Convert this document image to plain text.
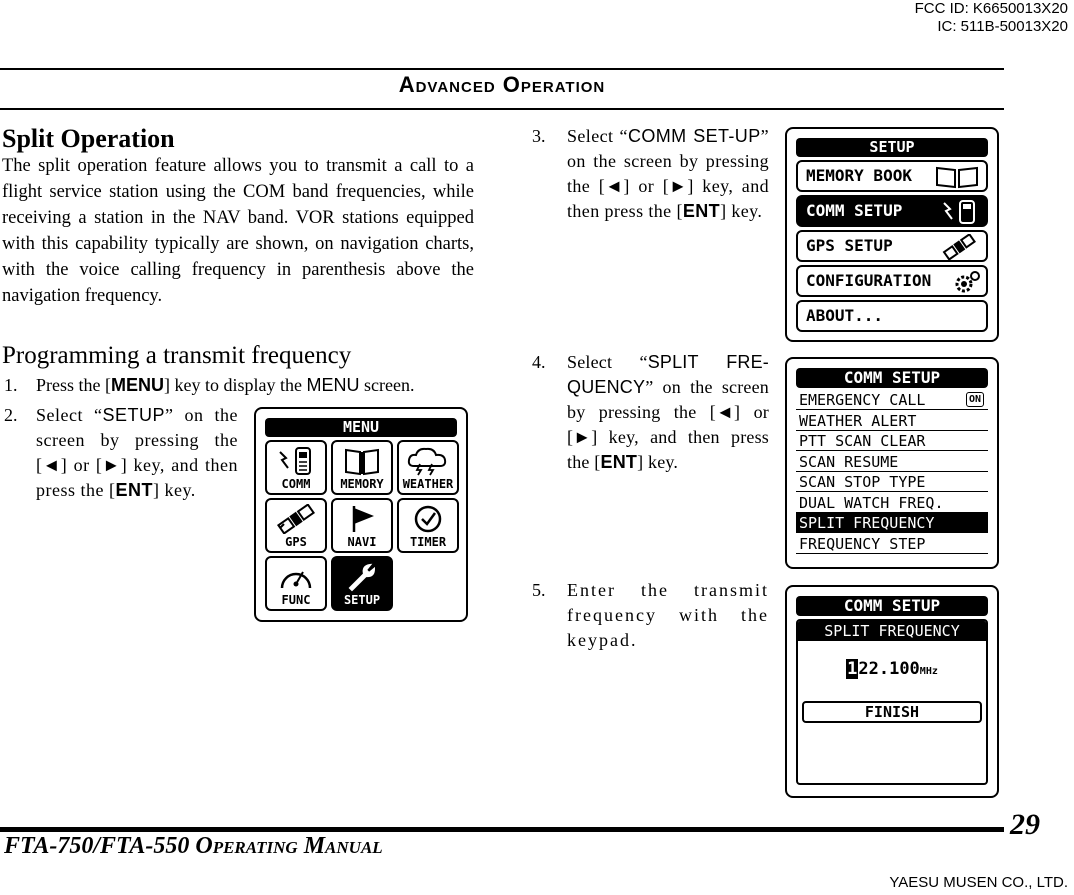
FCC ID: K6650013X20
IC: 511B-50013X20
Advanced Operation
Split Operation
The split operation feature allows you to transmit a call to a flight service station using the COM band frequencies, while receiving a station in the NAV band. VOR stations equipped with this capability typically are shown, on navigation charts, with the voice calling frequency in parenthesis above the navigation frequency.
Programming a transmit frequency
1. Press the [MENU] key to display the MENU screen.
2. Select “SETUP” on the screen by pressing the [◄] or [►] key, and then press the [ENT] key.
MENU
COMM	MEMORY	WEATHER
GPS	NAVI	TIMER
FUNC	SETUP
3. Select “COMM SET-UP” on the screen by pressing the [◄] or [►] key, and then press the [ENT] key.
4. Select “SPLIT FRE-QUENCY” on the screen by pressing the [◄] or [►] key, and then press the [ENT] key.
5. Enter the transmit frequency with the keypad.
SETUP
MEMORY BOOK
COMM SETUP
GPS SETUP
CONFIGURATION
ABOUT...
COMM SETUP
EMERGENCY CALL	ON
WEATHER ALERT
PTT SCAN CLEAR
SCAN RESUME
SCAN STOP TYPE
DUAL WATCH FREQ.
SPLIT FREQUENCY
FREQUENCY STEP
COMM SETUP
SPLIT FREQUENCY
122.100MHz
FINISH
FTA-750/FTA-550 Operating Manual
29
YAESU MUSEN CO., LTD.
